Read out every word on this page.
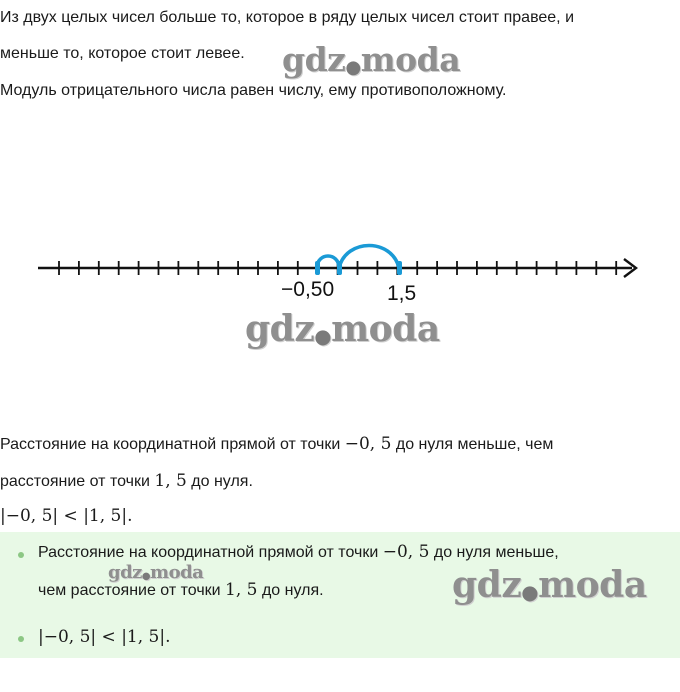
Из двух целых чисел больше то, которое в ряду целых чисел стоит правее, и
меньше то, которое стоит левее.
Модуль отрицательного числа равен числу, ему противоположному.
gdz●moda
−0,50	1,5
gdz●moda
Расстояние на координатной прямой от точки −0, 5 до нуля меньше, чем
расстояние от точки 1, 5 до нуля.
|−0, 5| < |1, 5|.
Расстояние на координатной прямой от точки −0, 5 до нуля меньше,
чем расстояние от точки 1, 5 до нуля.
|−0, 5| < |1, 5|.
gdz●moda	gdz●moda
